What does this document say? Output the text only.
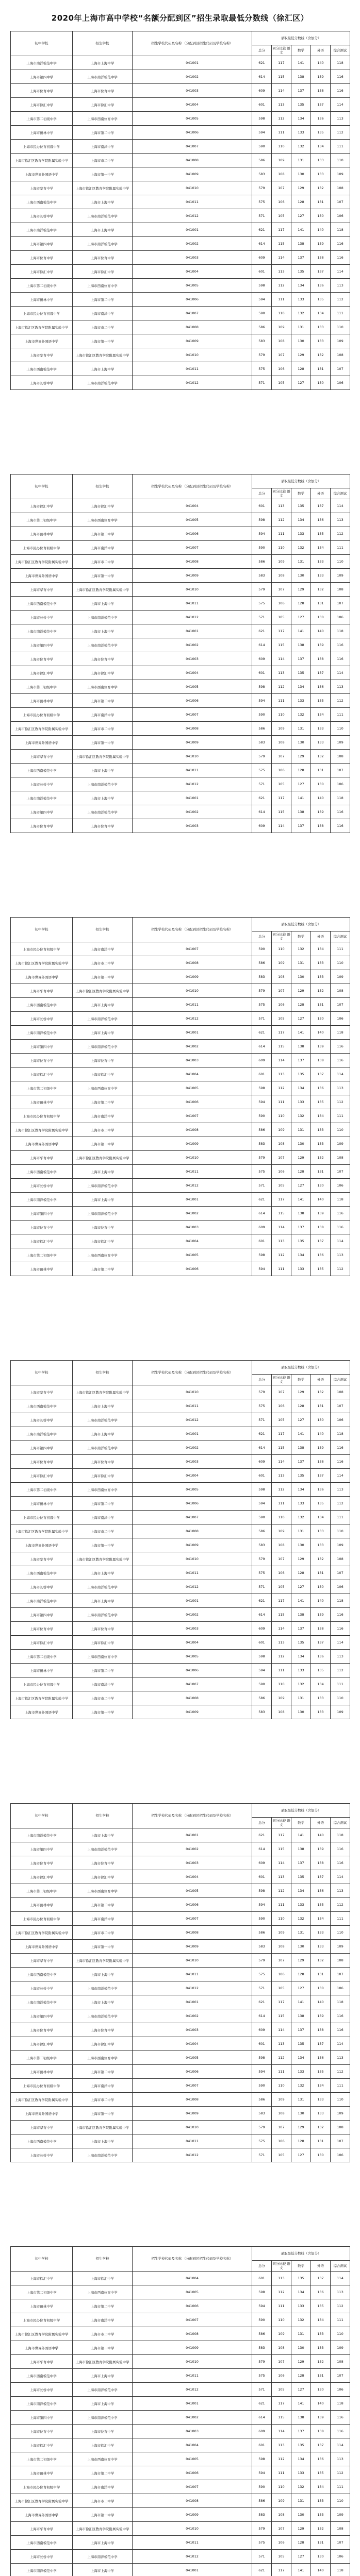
2020年上海市高中学校“名额分配到区”招生录取最低分数线（徐汇区）
初中学校	招生学校	招生学校代码及名称 （分配到区招生代码及学校名称）	录取最低分数线（含加分）				
			总分	同分比较 语文	数学	外语	综合测试
上海市南洋模范中学	上海市上海中学	041001	621	117	141	140	118
上海市第四中学	上海市南洋模范中学	041002	614	115	138	139	116
上海市位育中学	上海市位育中学	041003	609	114	137	138	116
上海市徐汇中学	上海市徐汇中学	041004	601	113	135	137	114
上海市第二初级中学	上海市西南位育中学	041005	598	112	134	136	113
上海市田林中学	上海市第二中学	041006	594	111	133	135	112
上海市民办位育初级中学	上海市南洋中学	041007	590	110	132	134	111
上海市徐汇区教育学院附属实验中学	上海市市二中学	041008	586	109	131	133	110
上海市世界外国语中学	上海市第一中学	041009	583	108	130	133	109
上海市华育中学	上海市徐汇区教育学院附属实验中学	041010	579	107	129	132	108
上海市西南模范中学	上海市上海中学	041011	575	106	128	131	107
上海市长桥中学	上海市南洋模范中学	041012	571	105	127	130	106
上海市南洋模范中学	上海市上海中学	041001	621	117	141	140	118
上海市第四中学	上海市南洋模范中学	041002	614	115	138	139	116
上海市位育中学	上海市位育中学	041003	609	114	137	138	116
上海市徐汇中学	上海市徐汇中学	041004	601	113	135	137	114
上海市第二初级中学	上海市西南位育中学	041005	598	112	134	136	113
上海市田林中学	上海市第二中学	041006	594	111	133	135	112
上海市民办位育初级中学	上海市南洋中学	041007	590	110	132	134	111
上海市徐汇区教育学院附属实验中学	上海市市二中学	041008	586	109	131	133	110
上海市世界外国语中学	上海市第一中学	041009	583	108	130	133	109
上海市华育中学	上海市徐汇区教育学院附属实验中学	041010	579	107	129	132	108
上海市西南模范中学	上海市上海中学	041011	575	106	128	131	107
上海市长桥中学	上海市南洋模范中学	041012	571	105	127	130	106
初中学校	招生学校	招生学校代码及名称 （分配到区招生代码及学校名称）	录取最低分数线（含加分）				
			总分	同分比较 语文	数学	外语	综合测试
上海市徐汇中学	上海市徐汇中学	041004	601	113	135	137	114
上海市第二初级中学	上海市西南位育中学	041005	598	112	134	136	113
上海市田林中学	上海市第二中学	041006	594	111	133	135	112
上海市民办位育初级中学	上海市南洋中学	041007	590	110	132	134	111
上海市徐汇区教育学院附属实验中学	上海市市二中学	041008	586	109	131	133	110
上海市世界外国语中学	上海市第一中学	041009	583	108	130	133	109
上海市华育中学	上海市徐汇区教育学院附属实验中学	041010	579	107	129	132	108
上海市西南模范中学	上海市上海中学	041011	575	106	128	131	107
上海市长桥中学	上海市南洋模范中学	041012	571	105	127	130	106
上海市南洋模范中学	上海市上海中学	041001	621	117	141	140	118
上海市第四中学	上海市南洋模范中学	041002	614	115	138	139	116
上海市位育中学	上海市位育中学	041003	609	114	137	138	116
上海市徐汇中学	上海市徐汇中学	041004	601	113	135	137	114
上海市第二初级中学	上海市西南位育中学	041005	598	112	134	136	113
上海市田林中学	上海市第二中学	041006	594	111	133	135	112
上海市民办位育初级中学	上海市南洋中学	041007	590	110	132	134	111
上海市徐汇区教育学院附属实验中学	上海市市二中学	041008	586	109	131	133	110
上海市世界外国语中学	上海市第一中学	041009	583	108	130	133	109
上海市华育中学	上海市徐汇区教育学院附属实验中学	041010	579	107	129	132	108
上海市西南模范中学	上海市上海中学	041011	575	106	128	131	107
上海市长桥中学	上海市南洋模范中学	041012	571	105	127	130	106
上海市南洋模范中学	上海市上海中学	041001	621	117	141	140	118
上海市第四中学	上海市南洋模范中学	041002	614	115	138	139	116
上海市位育中学	上海市位育中学	041003	609	114	137	138	116
初中学校	招生学校	招生学校代码及名称 （分配到区招生代码及学校名称）	录取最低分数线（含加分）				
			总分	同分比较 语文	数学	外语	综合测试
上海市民办位育初级中学	上海市南洋中学	041007	590	110	132	134	111
上海市徐汇区教育学院附属实验中学	上海市市二中学	041008	586	109	131	133	110
上海市世界外国语中学	上海市第一中学	041009	583	108	130	133	109
上海市华育中学	上海市徐汇区教育学院附属实验中学	041010	579	107	129	132	108
上海市西南模范中学	上海市上海中学	041011	575	106	128	131	107
上海市长桥中学	上海市南洋模范中学	041012	571	105	127	130	106
上海市南洋模范中学	上海市上海中学	041001	621	117	141	140	118
上海市第四中学	上海市南洋模范中学	041002	614	115	138	139	116
上海市位育中学	上海市位育中学	041003	609	114	137	138	116
上海市徐汇中学	上海市徐汇中学	041004	601	113	135	137	114
上海市第二初级中学	上海市西南位育中学	041005	598	112	134	136	113
上海市田林中学	上海市第二中学	041006	594	111	133	135	112
上海市民办位育初级中学	上海市南洋中学	041007	590	110	132	134	111
上海市徐汇区教育学院附属实验中学	上海市市二中学	041008	586	109	131	133	110
上海市世界外国语中学	上海市第一中学	041009	583	108	130	133	109
上海市华育中学	上海市徐汇区教育学院附属实验中学	041010	579	107	129	132	108
上海市西南模范中学	上海市上海中学	041011	575	106	128	131	107
上海市长桥中学	上海市南洋模范中学	041012	571	105	127	130	106
上海市南洋模范中学	上海市上海中学	041001	621	117	141	140	118
上海市第四中学	上海市南洋模范中学	041002	614	115	138	139	116
上海市位育中学	上海市位育中学	041003	609	114	137	138	116
上海市徐汇中学	上海市徐汇中学	041004	601	113	135	137	114
上海市第二初级中学	上海市西南位育中学	041005	598	112	134	136	113
上海市田林中学	上海市第二中学	041006	594	111	133	135	112
初中学校	招生学校	招生学校代码及名称 （分配到区招生代码及学校名称）	录取最低分数线（含加分）				
			总分	同分比较 语文	数学	外语	综合测试
上海市华育中学	上海市徐汇区教育学院附属实验中学	041010	579	107	129	132	108
上海市西南模范中学	上海市上海中学	041011	575	106	128	131	107
上海市长桥中学	上海市南洋模范中学	041012	571	105	127	130	106
上海市南洋模范中学	上海市上海中学	041001	621	117	141	140	118
上海市第四中学	上海市南洋模范中学	041002	614	115	138	139	116
上海市位育中学	上海市位育中学	041003	609	114	137	138	116
上海市徐汇中学	上海市徐汇中学	041004	601	113	135	137	114
上海市第二初级中学	上海市西南位育中学	041005	598	112	134	136	113
上海市田林中学	上海市第二中学	041006	594	111	133	135	112
上海市民办位育初级中学	上海市南洋中学	041007	590	110	132	134	111
上海市徐汇区教育学院附属实验中学	上海市市二中学	041008	586	109	131	133	110
上海市世界外国语中学	上海市第一中学	041009	583	108	130	133	109
上海市华育中学	上海市徐汇区教育学院附属实验中学	041010	579	107	129	132	108
上海市西南模范中学	上海市上海中学	041011	575	106	128	131	107
上海市长桥中学	上海市南洋模范中学	041012	571	105	127	130	106
上海市南洋模范中学	上海市上海中学	041001	621	117	141	140	118
上海市第四中学	上海市南洋模范中学	041002	614	115	138	139	116
上海市位育中学	上海市位育中学	041003	609	114	137	138	116
上海市徐汇中学	上海市徐汇中学	041004	601	113	135	137	114
上海市第二初级中学	上海市西南位育中学	041005	598	112	134	136	113
上海市田林中学	上海市第二中学	041006	594	111	133	135	112
上海市民办位育初级中学	上海市南洋中学	041007	590	110	132	134	111
上海市徐汇区教育学院附属实验中学	上海市市二中学	041008	586	109	131	133	110
上海市世界外国语中学	上海市第一中学	041009	583	108	130	133	109
初中学校	招生学校	招生学校代码及名称 （分配到区招生代码及学校名称）	录取最低分数线（含加分）				
			总分	同分比较 语文	数学	外语	综合测试
上海市南洋模范中学	上海市上海中学	041001	621	117	141	140	118
上海市第四中学	上海市南洋模范中学	041002	614	115	138	139	116
上海市位育中学	上海市位育中学	041003	609	114	137	138	116
上海市徐汇中学	上海市徐汇中学	041004	601	113	135	137	114
上海市第二初级中学	上海市西南位育中学	041005	598	112	134	136	113
上海市田林中学	上海市第二中学	041006	594	111	133	135	112
上海市民办位育初级中学	上海市南洋中学	041007	590	110	132	134	111
上海市徐汇区教育学院附属实验中学	上海市市二中学	041008	586	109	131	133	110
上海市世界外国语中学	上海市第一中学	041009	583	108	130	133	109
上海市华育中学	上海市徐汇区教育学院附属实验中学	041010	579	107	129	132	108
上海市西南模范中学	上海市上海中学	041011	575	106	128	131	107
上海市长桥中学	上海市南洋模范中学	041012	571	105	127	130	106
上海市南洋模范中学	上海市上海中学	041001	621	117	141	140	118
上海市第四中学	上海市南洋模范中学	041002	614	115	138	139	116
上海市位育中学	上海市位育中学	041003	609	114	137	138	116
上海市徐汇中学	上海市徐汇中学	041004	601	113	135	137	114
上海市第二初级中学	上海市西南位育中学	041005	598	112	134	136	113
上海市田林中学	上海市第二中学	041006	594	111	133	135	112
上海市民办位育初级中学	上海市南洋中学	041007	590	110	132	134	111
上海市徐汇区教育学院附属实验中学	上海市市二中学	041008	586	109	131	133	110
上海市世界外国语中学	上海市第一中学	041009	583	108	130	133	109
上海市华育中学	上海市徐汇区教育学院附属实验中学	041010	579	107	129	132	108
上海市西南模范中学	上海市上海中学	041011	575	106	128	131	107
上海市长桥中学	上海市南洋模范中学	041012	571	105	127	130	106
初中学校	招生学校	招生学校代码及名称 （分配到区招生代码及学校名称）	录取最低分数线（含加分）				
			总分	同分比较 语文	数学	外语	综合测试
上海市徐汇中学	上海市徐汇中学	041004	601	113	135	137	114
上海市第二初级中学	上海市西南位育中学	041005	598	112	134	136	113
上海市田林中学	上海市第二中学	041006	594	111	133	135	112
上海市民办位育初级中学	上海市南洋中学	041007	590	110	132	134	111
上海市徐汇区教育学院附属实验中学	上海市市二中学	041008	586	109	131	133	110
上海市世界外国语中学	上海市第一中学	041009	583	108	130	133	109
上海市华育中学	上海市徐汇区教育学院附属实验中学	041010	579	107	129	132	108
上海市西南模范中学	上海市上海中学	041011	575	106	128	131	107
上海市长桥中学	上海市南洋模范中学	041012	571	105	127	130	106
上海市南洋模范中学	上海市上海中学	041001	621	117	141	140	118
上海市第四中学	上海市南洋模范中学	041002	614	115	138	139	116
上海市位育中学	上海市位育中学	041003	609	114	137	138	116
上海市徐汇中学	上海市徐汇中学	041004	601	113	135	137	114
上海市第二初级中学	上海市西南位育中学	041005	598	112	134	136	113
上海市田林中学	上海市第二中学	041006	594	111	133	135	112
上海市民办位育初级中学	上海市南洋中学	041007	590	110	132	134	111
上海市徐汇区教育学院附属实验中学	上海市市二中学	041008	586	109	131	133	110
上海市世界外国语中学	上海市第一中学	041009	583	108	130	133	109
上海市华育中学	上海市徐汇区教育学院附属实验中学	041010	579	107	129	132	108
上海市西南模范中学	上海市上海中学	041011	575	106	128	131	107
上海市长桥中学	上海市南洋模范中学	041012	571	105	127	130	106
上海市南洋模范中学	上海市上海中学	041001	621	117	141	140	118
